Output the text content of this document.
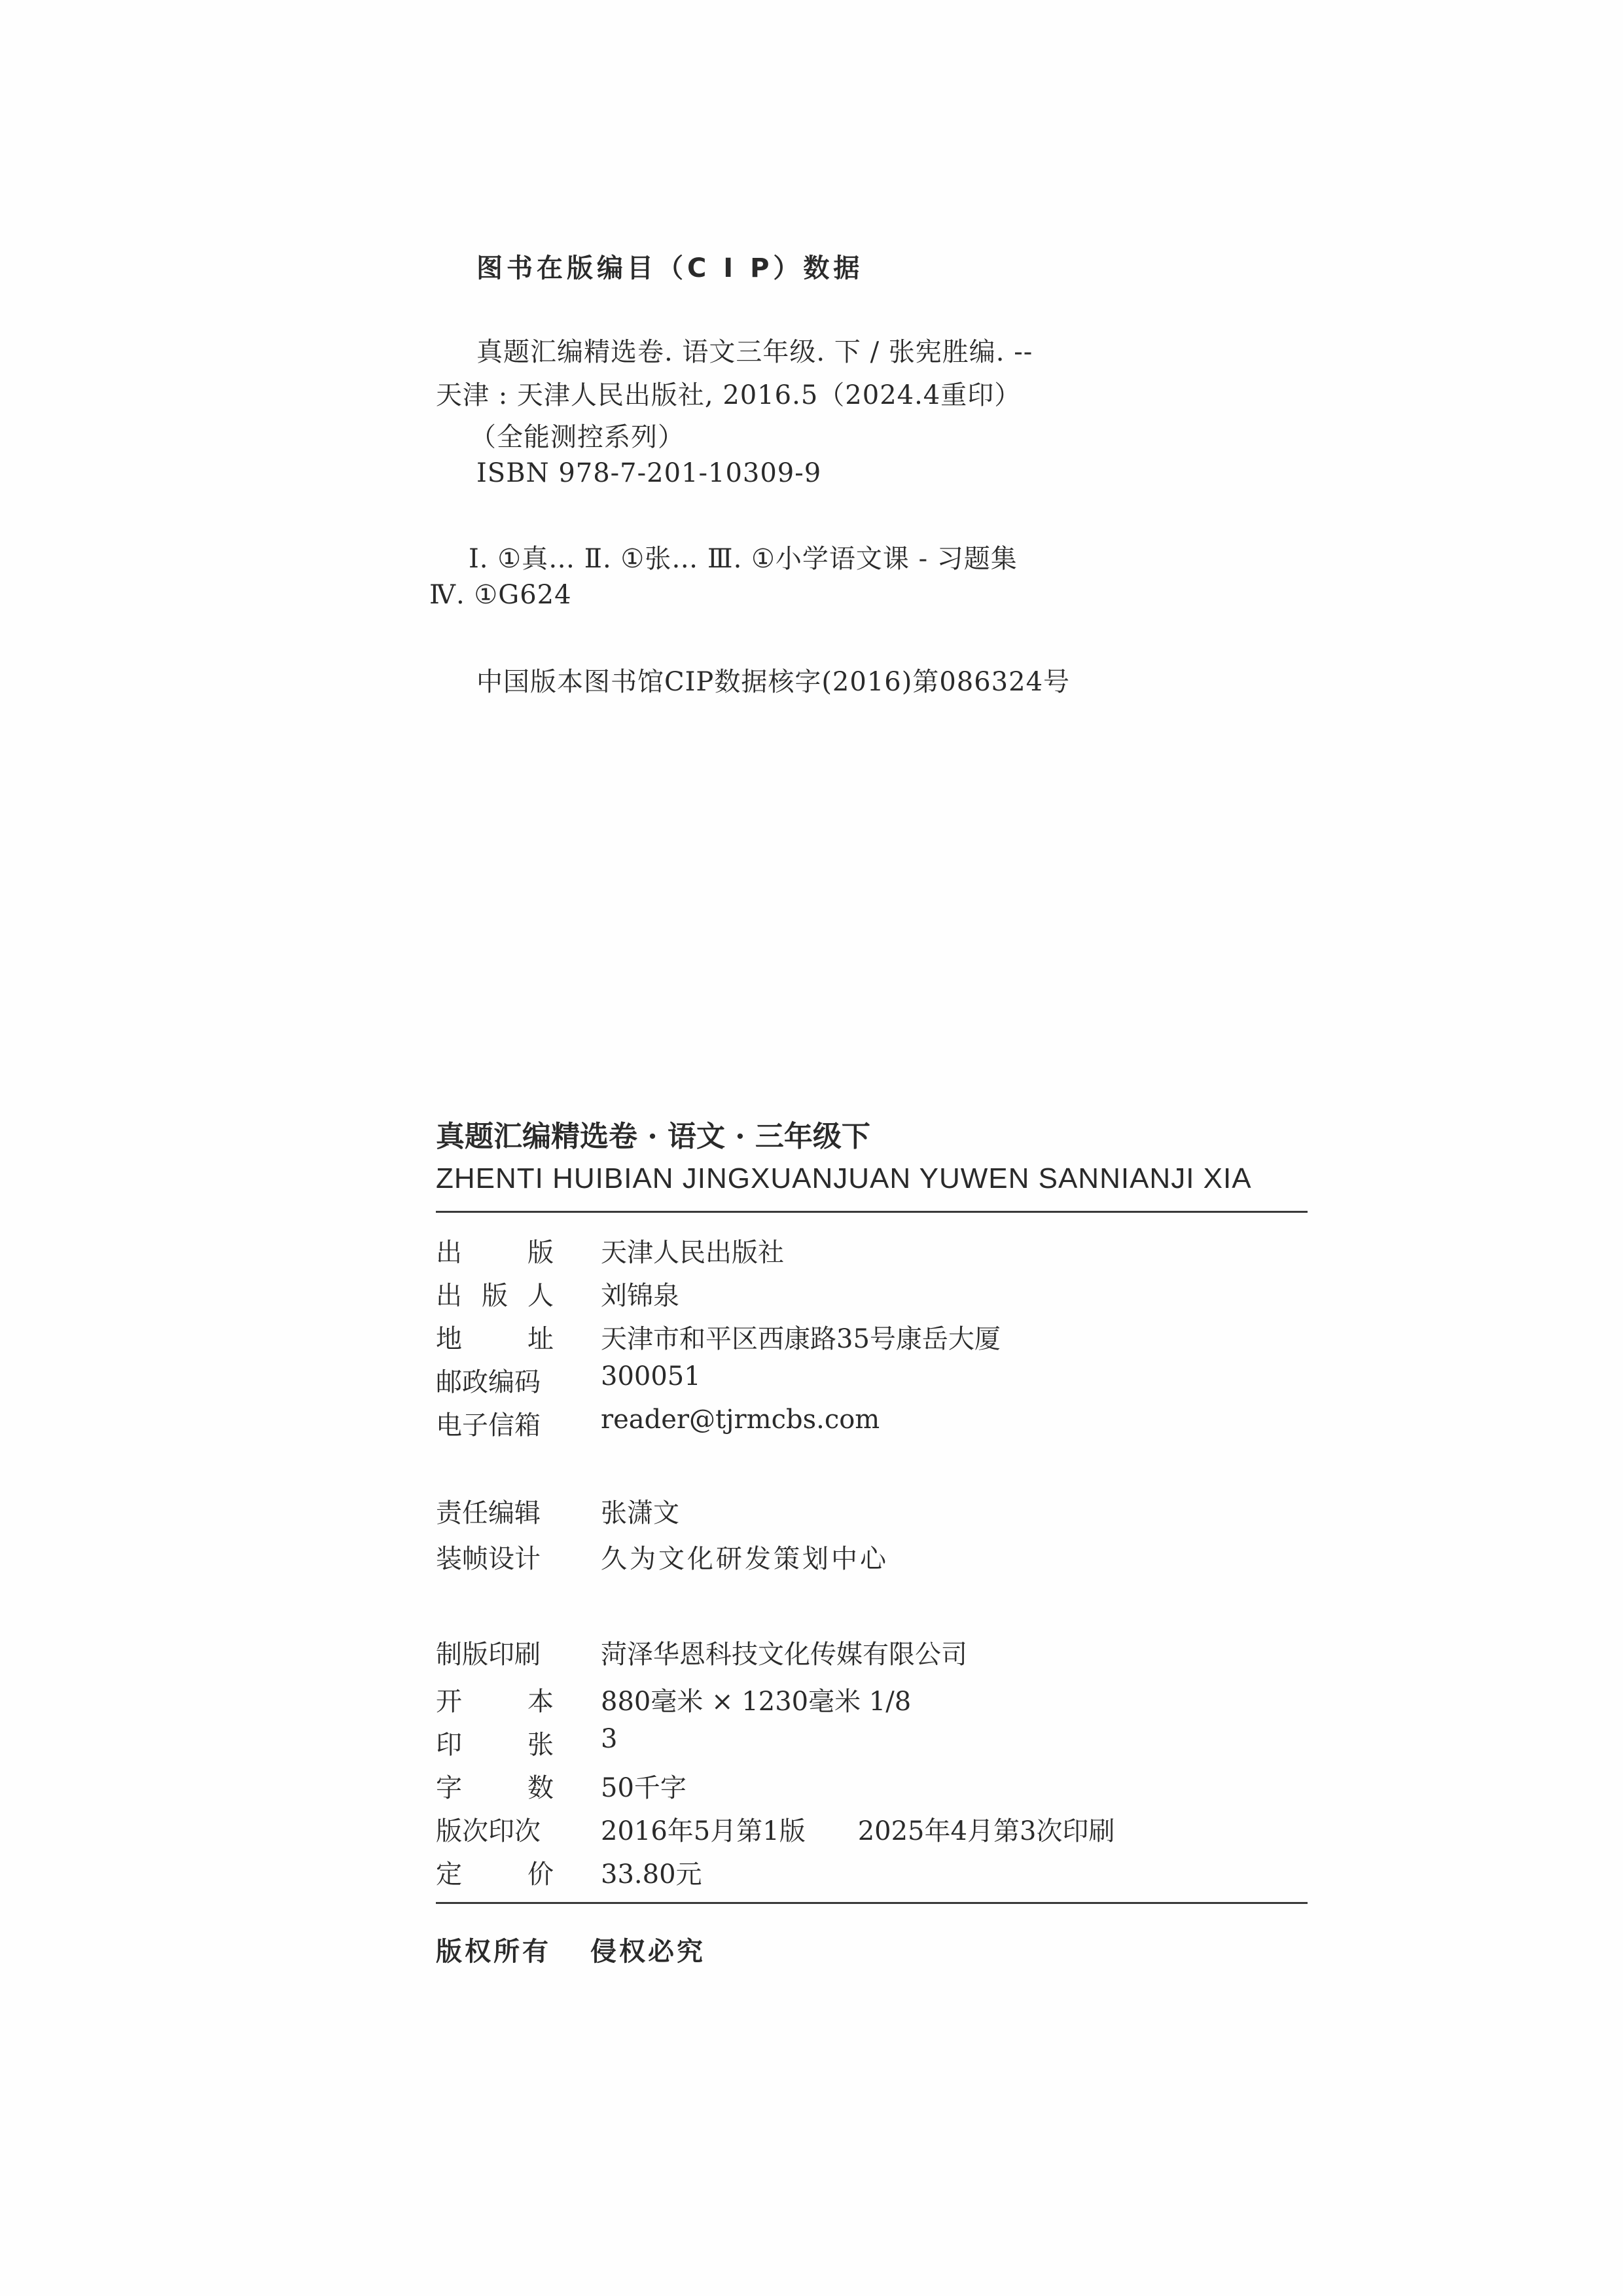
图书在版编目（C I P）数据
真题汇编精选卷. 语文三年级. 下 / 张宪胜编. --
天津 : 天津人民出版社, 2016.5（2024.4重印）
（全能测控系列）
ISBN 978-7-201-10309-9
Ⅰ. ①真… Ⅱ. ①张… Ⅲ. ①小学语文课 - 习题集
Ⅳ. ①G624
中国版本图书馆CIP数据核字(2016)第086324号
真题汇编精选卷 · 语文 · 三年级下
ZHENTI HUIBIAN JINGXUANJUAN YUWEN SANNIANJI XIA
出	版 天津人民出版社
出 版 人 刘锦泉
地	址 天津市和平区西康路35号康岳大厦
邮政编码	300051
电子信箱	reader@tjrmcbs.com
责任编辑	张潇文
装帧设计	久为文化研发策划中心
制版印刷	菏泽华恩科技文化传媒有限公司
开	本 880毫米 × 1230毫米 1/8
印	张 3
字	数 50千字
版次印次	2016年5月第1版 2025年4月第3次印刷
定	价 33.80元
版权所有 侵权必究
